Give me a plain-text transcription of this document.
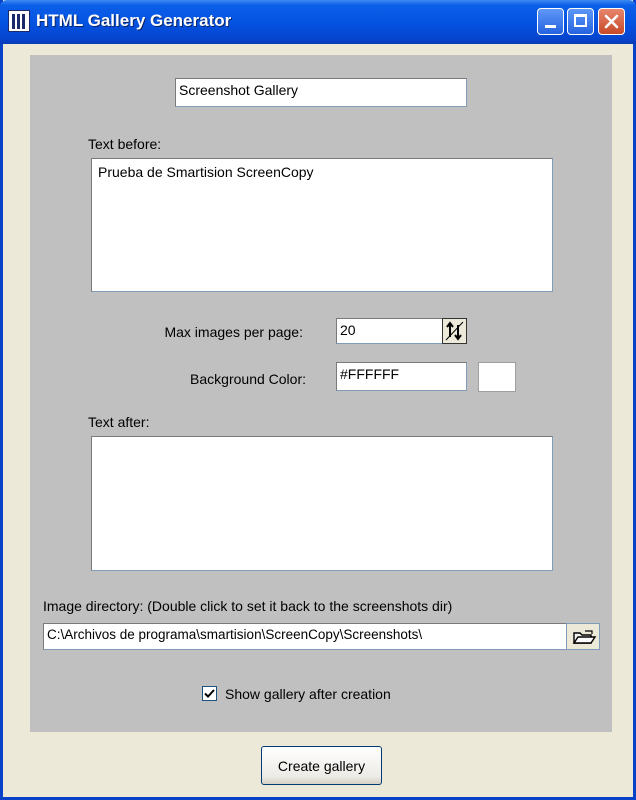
HTML Gallery Generator
Screenshot Gallery
Text before:
Prueba de Smartision ScreenCopy
Max images per page:	20
Background Color: #FFFFFF
Text after:
Image directory: (Double click to set it back to the screenshots dir)
C:\Archivos de programa\smartision\ScreenCopy\Screenshots\
Show gallery after creation
Create gallery
